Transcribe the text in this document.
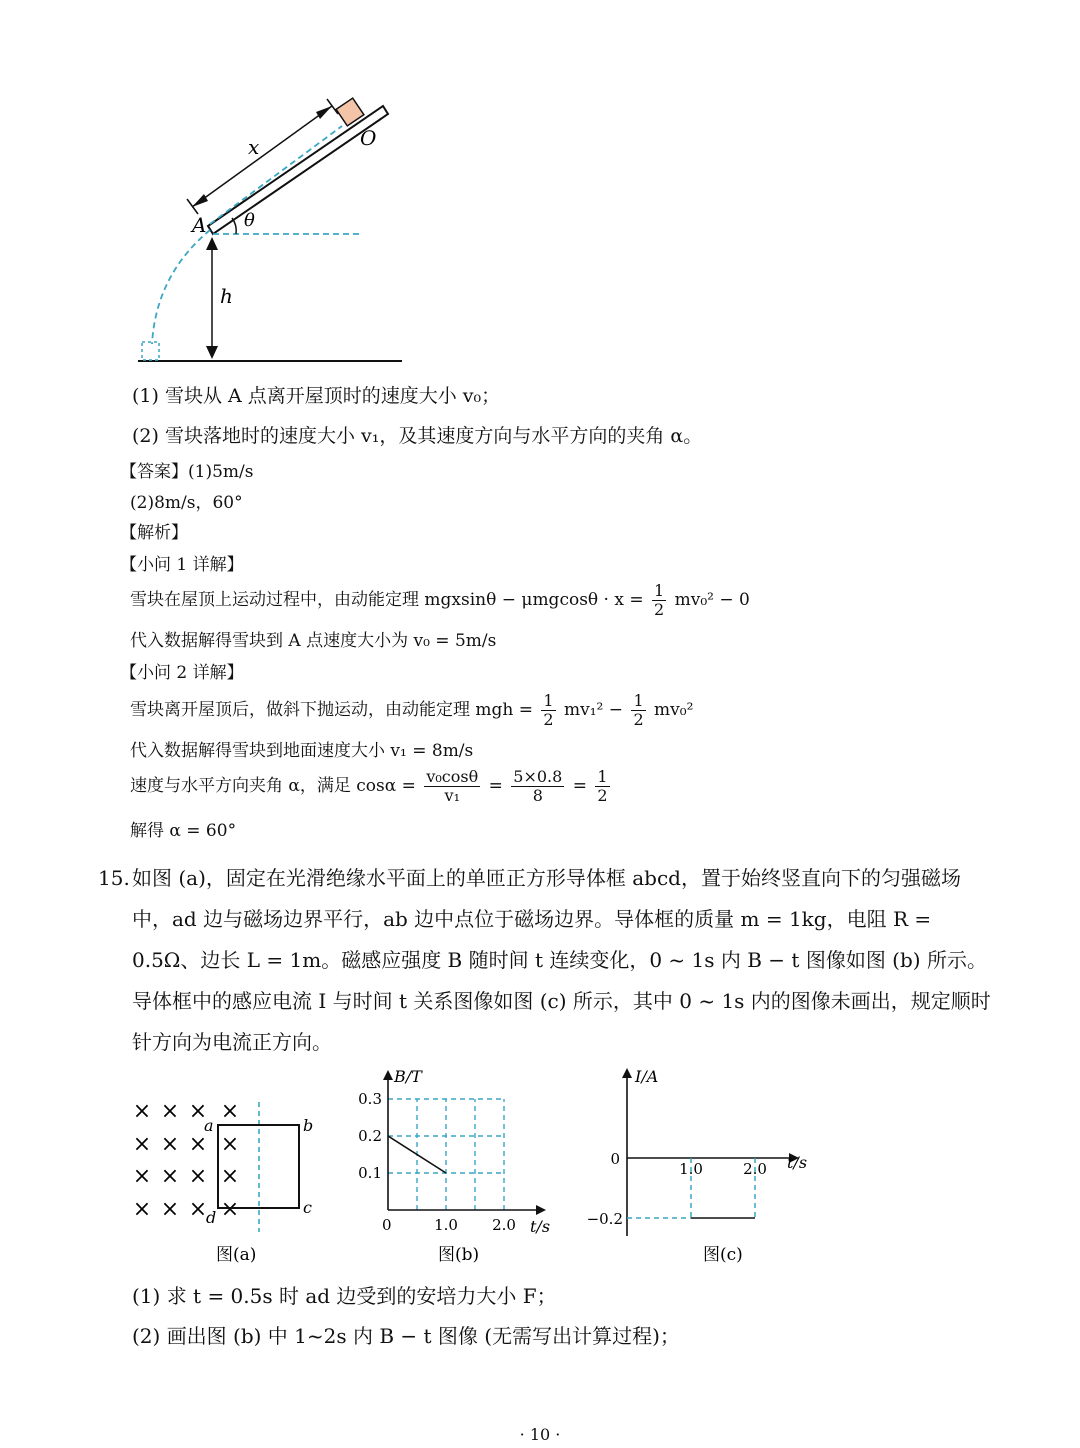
x	O
θ
A
h
(1) 雪块从 A 点离开屋顶时的速度大小 v₀；
(2) 雪块落地时的速度大小 v₁，及其速度方向与水平方向的夹角 α。
【答案】(1)5m/s
(2)8m/s，60°
【解析】
【小问 1 详解】
雪块在屋顶上运动过程中，由动能定理 $mgxsin\theta - \mu mgcos\theta \cdot x = \frac{1}{2} mv_0^2 - 0$
代入数据解得雪块到 A 点速度大小为 v₀ = 5m/s
【小问 2 详解】
雪块离开屋顶后，做斜下抛运动，由动能定理 mgh = $\frac{1}{2} mv_1^2 - \frac{1}{2} mv_0^2$
代入数据解得雪块到地面速度大小 v₁ = 8m/s
速度与水平方向夹角 α，满足 $\cos\alpha = \frac{\text{v₀cosθ}}{\text{v₁}} = \frac{5\times 0.8}{8} = \frac{1}{2}$
解得 α = 60°
15. 如图 (a)，固定在光滑绝缘水平面上的单匝正方形导体框 abcd，置于始终竖直向下的匀强磁场中，ad 边与磁场边界平行，ab 边中点位于磁场边界。导体框的质量 m = 1kg，电阻 R = 0.5Ω、边长 L = 1m。磁感应强度 B 随时间 t 连续变化，0 ~ 1s 内 B − t 图像如图 (b) 所示。导体框中的感应电流 I 与时间 t 关系图像如图 (c) 所示，其中 0 ~ 1s 内的图像未画出，规定顺时针方向为电流正方向。
× × × ×
× × × ×
× × × ×
× × × ×
a	b
c
d
图(a)
B/T
t/s
0	1.0 2.0
0.1
0.2
0.3
图(b)
I/A
t/s
0
−0.2
1.0	2.0
图(c)
(1) 求 t = 0.5s 时 ad 边受到的安培力大小 F；
(2) 画出图 (b) 中 1~2s 内 B − t 图像 (无需写出计算过程)；
· 10 ·
